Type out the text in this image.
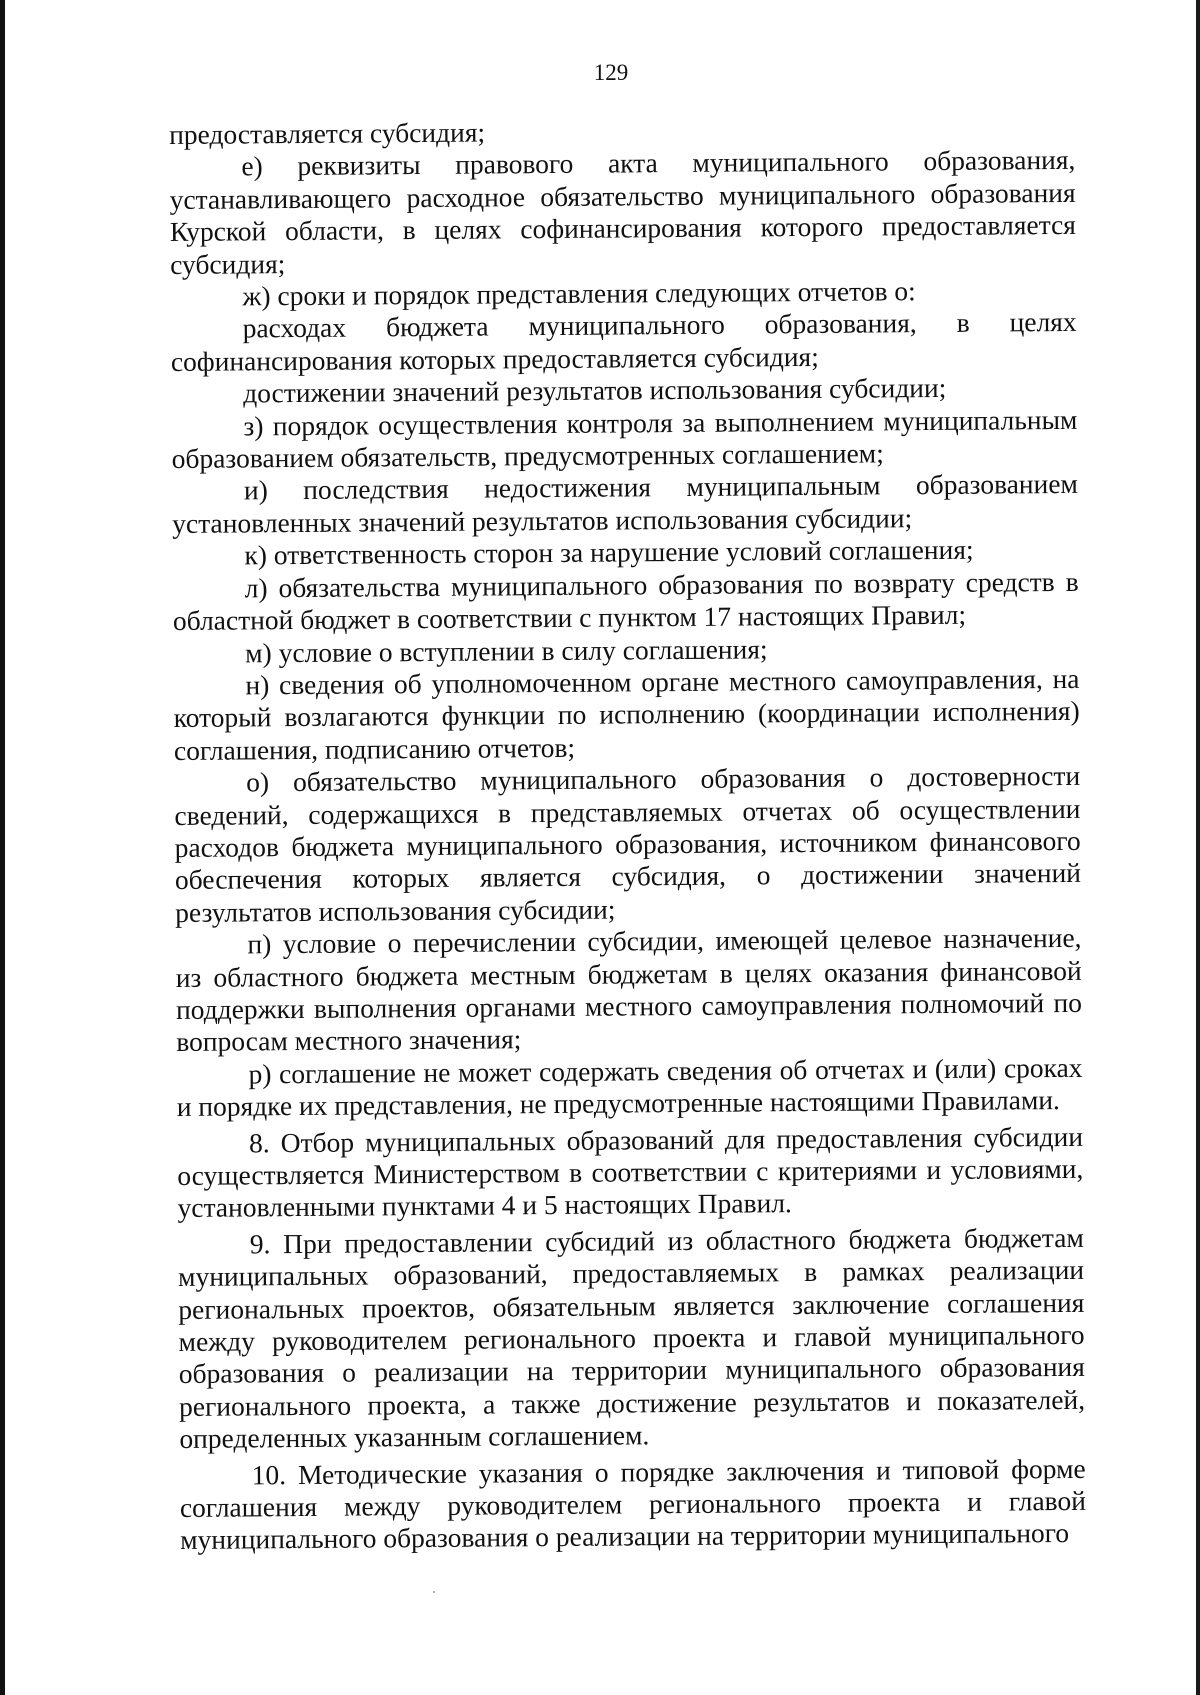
129

предоставляется субсидия;

е) реквизиты правового акта муниципального образования, устанавливающего расходное обязательство муниципального образования Курской области, в целях софинансирования которого предоставляется субсидия;

ж) сроки и порядок представления следующих отчетов о:

расходах бюджета муниципального образования, в целях софинансирования которых предоставляется субсидия;

достижении значений результатов использования субсидии;

з) порядок осуществления контроля за выполнением муниципальным образованием обязательств, предусмотренных соглашением;

и) последствия недостижения муниципальным образованием установленных значений результатов использования субсидии;

к) ответственность сторон за нарушение условий соглашения;

л) обязательства муниципального образования по возврату средств в областной бюджет в соответствии с пунктом 17 настоящих Правил;

м) условие о вступлении в силу соглашения;

н) сведения об уполномоченном органе местного самоуправления, на который возлагаются функции по исполнению (координации исполнения) соглашения, подписанию отчетов;

о) обязательство муниципального образования о достоверности сведений, содержащихся в представляемых отчетах об осуществлении расходов бюджета муниципального образования, источником финансового обеспечения которых является субсидия, о достижении значений результатов использования субсидии;

п) условие о перечислении субсидии, имеющей целевое назначение, из областного бюджета местным бюджетам в целях оказания финансовой поддержки выполнения органами местного самоуправления полномочий по вопросам местного значения;

р) соглашение не может содержать сведения об отчетах и (или) сроках и порядке их представления, не предусмотренные настоящими Правилами.

8. Отбор муниципальных образований для предоставления субсидии осуществляется Министерством в соответствии с критериями и условиями, установленными пунктами 4 и 5 настоящих Правил.

9. При предоставлении субсидий из областного бюджета бюджетам муниципальных образований, предоставляемых в рамках реализации региональных проектов, обязательным является заключение соглашения между руководителем регионального проекта и главой муниципального образования о реализации на территории муниципального образования регионального проекта, а также достижение результатов и показателей, определенных указанным соглашением.

10. Методические указания о порядке заключения и типовой форме соглашения между руководителем регионального проекта и главой муниципального образования о реализации на территории муниципального
